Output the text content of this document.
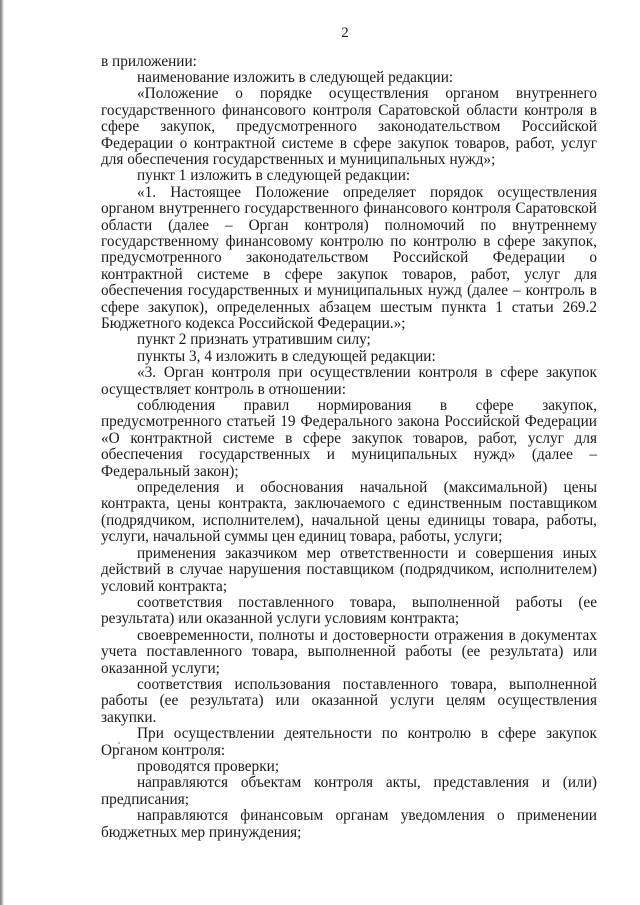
2

в приложении:

наименование изложить в следующей редакции:

«Положение о порядке осуществления органом внутреннего государственного финансового контроля Саратовской области контроля в сфере закупок, предусмотренного законодательством Российской Федерации о контрактной системе в сфере закупок товаров, работ, услуг для обеспечения государственных и муниципальных нужд»;

пункт 1 изложить в следующей редакции:

«1. Настоящее Положение определяет порядок осуществления органом внутреннего государственного финансового контроля Саратовской области (далее – Орган контроля) полномочий по внутреннему государственному финансовому контролю по контролю в сфере закупок, предусмотренного законодательством Российской Федерации о контрактной системе в сфере закупок товаров, работ, услуг для обеспечения государственных и муниципальных нужд (далее – контроль в сфере закупок), определенных абзацем шестым пункта 1 статьи 269.2 Бюджетного кодекса Российской Федерации.»;

пункт 2 признать утратившим силу;

пункты 3, 4 изложить в следующей редакции:

«3. Орган контроля при осуществлении контроля в сфере закупок осуществляет контроль в отношении:

соблюдения правил нормирования в сфере закупок, предусмотренного статьей 19 Федерального закона Российской Федерации «О контрактной системе в сфере закупок товаров, работ, услуг для обеспечения государственных и муниципальных нужд» (далее – Федеральный закон);

определения и обоснования начальной (максимальной) цены контракта, цены контракта, заключаемого с единственным поставщиком (подрядчиком, исполнителем), начальной цены единицы товара, работы, услуги, начальной суммы цен единиц товара, работы, услуги;

применения заказчиком мер ответственности и совершения иных действий в случае нарушения поставщиком (подрядчиком, исполнителем) условий контракта;

соответствия поставленного товара, выполненной работы (ее результата) или оказанной услуги условиям контракта;

своевременности, полноты и достоверности отражения в документах учета поставленного товара, выполненной работы (ее результата) или оказанной услуги;

соответствия использования поставленного товара, выполненной работы (ее результата) или оказанной услуги целям осуществления закупки.

При осуществлении деятельности по контролю в сфере закупок Органом контроля:

проводятся проверки;

направляются объектам контроля акты, представления и (или) предписания;

направляются финансовым органам уведомления о применении бюджетных мер принуждения;
